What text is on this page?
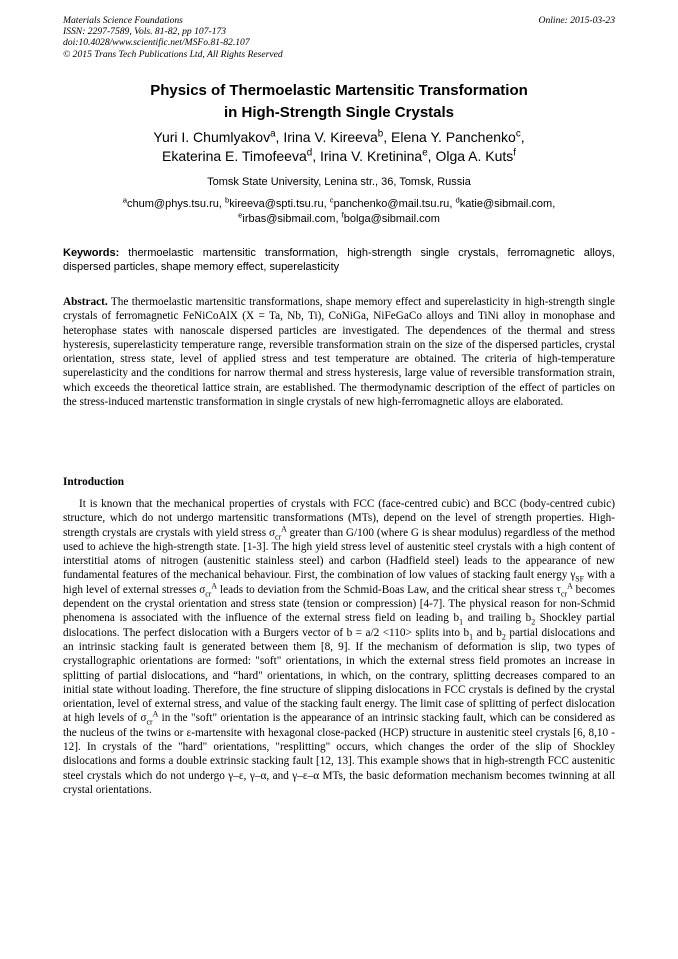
Materials Science Foundations
ISSN: 2297-7589, Vols. 81-82, pp 107-173
doi:10.4028/www.scientific.net/MSFo.81-82.107
© 2015 Trans Tech Publications Ltd, All Rights Reserved
Online: 2015-03-23
Physics of Thermoelastic Martensitic Transformation
in High-Strength Single Crystals
Yuri I. Chumlyakov$^a$, Irina V. Kireeva$^b$, Elena Y. Panchenko$^c$,
Ekaterina E. Timofeeva$^d$, Irina V. Kretinina$^e$, Olga A. Kuts$^f$
Tomsk State University, Lenina str., 36, Tomsk, Russia
$^a$chum@phys.tsu.ru, $^b$kireeva@spti.tsu.ru, $^c$panchenko@mail.tsu.ru, $^d$katie@sibmail.com,
$^e$irbas@sibmail.com, $^f$bolga@sibmail.com
Keywords: thermoelastic martensitic transformation, high-strength single crystals, ferromagnetic alloys, dispersed particles, shape memory effect, superelasticity
Abstract. The thermoelastic martensitic transformations, shape memory effect and superelasticity in high-strength single crystals of ferromagnetic FeNiCoAlX (X = Ta, Nb, Ti), CoNiGa, NiFeGaCo alloys and TiNi alloy in monophase and heterophase states with nanoscale dispersed particles are investigated. The dependences of the thermal and stress hysteresis, superelasticity temperature range, reversible transformation strain on the size of the dispersed particles, crystal orientation, stress state, level of applied stress and test temperature are obtained. The criteria of high-temperature superelasticity and the conditions for narrow thermal and stress hysteresis, large value of reversible transformation strain, which exceeds the theoretical lattice strain, are established. The thermodynamic description of the effect of particles on the stress-induced martenstic transformation in single crystals of new high-ferromagnetic alloys are elaborated.
Introduction
It is known that the mechanical properties of crystals with FCC (face-centred cubic) and BCC (body-centred cubic) structure, which do not undergo martensitic transformations (MTs), depend on the level of strength properties. High-strength crystals are crystals with yield stress $\sigma_{cr}^A$ greater than G/100 (where G is shear modulus) regardless of the method used to achieve the high-strength state. [1-3]. The high yield stress level of austenitic steel crystals with a high content of interstitial atoms of nitrogen (austenitic stainless steel) and carbon (Hadfield steel) leads to the appearance of new fundamental features of the mechanical behaviour. First, the combination of low values of stacking fault energy $\gamma_{SF}$ with a high level of external stresses $\sigma_{cr}^A$ leads to deviation from the Schmid-Boas Law, and the critical shear stress $\tau_{cr}^A$ becomes dependent on the crystal orientation and stress state (tension or compression) [4-7]. The physical reason for non-Schmid phenomena is associated with the influence of the external stress field on leading $b_1$ and trailing $b_2$ Shockley partial dislocations. The perfect dislocation with a Burgers vector of b = a/2 <110> splits into $b_1$ and $b_2$ partial dislocations and an intrinsic stacking fault is generated between them [8, 9]. If the mechanism of deformation is slip, two types of crystallographic orientations are formed: "soft" orientations, in which the external stress field promotes an increase in splitting of partial dislocations, and “hard" orientations, in which, on the contrary, splitting decreases compared to an initial state without loading. Therefore, the fine structure of slipping dislocations in FCC crystals is defined by the crystal orientation, level of external stress, and value of the stacking fault energy. The limit case of splitting of perfect dislocation at high levels of $\sigma_{cr}^A$ in the "soft" orientation is the appearance of an intrinsic stacking fault, which can be considered as the nucleus of the twins or ε-martensite with hexagonal close-packed (HCP) structure in austenitic steel crystals [6, 8,10 - 12]. In crystals of the "hard" orientations, "resplitting" occurs, which changes the order of the slip of Shockley dislocations and forms a double extrinsic stacking fault [12, 13]. This example shows that in high-strength FCC austenitic steel crystals which do not undergo γ–ε, γ–α, and γ–ε–α MTs, the basic deformation mechanism becomes twinning at all crystal orientations.
